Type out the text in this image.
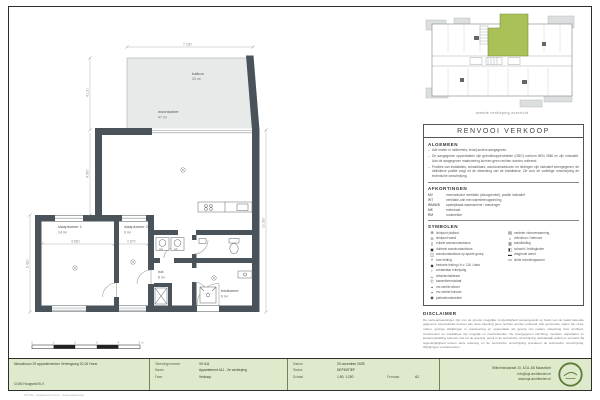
7.230
4.100
4.950
5.420
3.560	2.870
10.330
balkon
20 m²
woonkamer
47 m²
slaapkamer 1
14 m²
slaapkamer 2
9 m²
badkamer
6 m²
hal
8 m²
wm	wd
mk
0	1	2	3	4	5 m
tweede verdieping overzicht
RENVOOI VERKOOP
ALGEMEEN
– Alle maten in millimeters, tenzij anders aangegeven.
– De aangegeven oppervlakten zijn gebruiksoppervlakten (GBO) conform NEN 2580 en zijn indicatief. Aan de aangegeven maatvoering kunnen geen rechten worden ontleend.
– Posities van installaties, schakelaars, wandcontactdozen en leidingen zijn indicatief weergegeven; de definitieve positie volgt uit de uitwerking van de installateur. Zie voor de volledige omschrijving de technische omschrijving.
AFKORTINGEN
MV	mechanische ventilatie (afzuigventiel), positie indicatief
WT	ventilatie-unit met warmteterugwinning
WM/WD	opstelplaats wasmachine / wasdroger
MK	meterkast
RM	rookmelder
SYMBOLEN
⊕ lichtpunt plafond
⊖ lichtpunt wand
▯ enkele wandcontactdoos
▣ dubbele wandcontactdoos
◫ wandcontactdoos op aparte groep
◊ loze leiding
◆ bedrade leiding t.b.v. CAI / data
⌐ schakelaar enkelpolig
⌙ wisselschakelaar
Ⓣ kamerthermostaat
◒ mv-ventiel afvoer
◓ mv-ventiel toevoer
◉ plafondrookmelder
▤ verdeler vloerverwarming
⌂ videofoon / intercom
▥ standleiding
◧ schacht / leidingkoker
▬ dragende wand
▭ lichte scheidingswand
DISCLAIMER

De verkooptekeningen zijn met de grootst mogelijke zorgvuldigheid samengesteld op basis van de laatst bekende gegevens. Desondanks kunnen aan deze tekening geen rechten worden ontleend. Alle genoemde maten zijn circa-maten; geringe afwijkingen in maatvoering en oppervlakte als gevolg van nadere uitwerking door architect, constructeur en installateur zijn mogelijk en voorbehouden. De weergegeven inrichting, meubels, apparatuur en keukenopstelling behoren niet tot de levering, tenzij in de technische omschrijving uitdrukkelijk anders is vermeld. Bij tegenstrijdigheid tussen deze tekening en de technische omschrijving prevaleert de technische omschrijving. Wijzigingen voorbehouden.

Nieuwbouw 29 appartementen Verlengweg 20-26 Horst
COW Hoogveld B.V.
Tekeningnummer	VK A11
Naam	Appartement A11 - 2e verdieping
Fase	Verkoop
Datum	20 november 2025
Status	DEFINITIEF
Schaal	1:50, 1:200	Formaat	A2
Wilhelminastraat 10, 4211 AB Maastricht
info@spl-architecten.nl
www.spl-architecten.nl
VK A11 - Appartement A11 - verkooptekening
